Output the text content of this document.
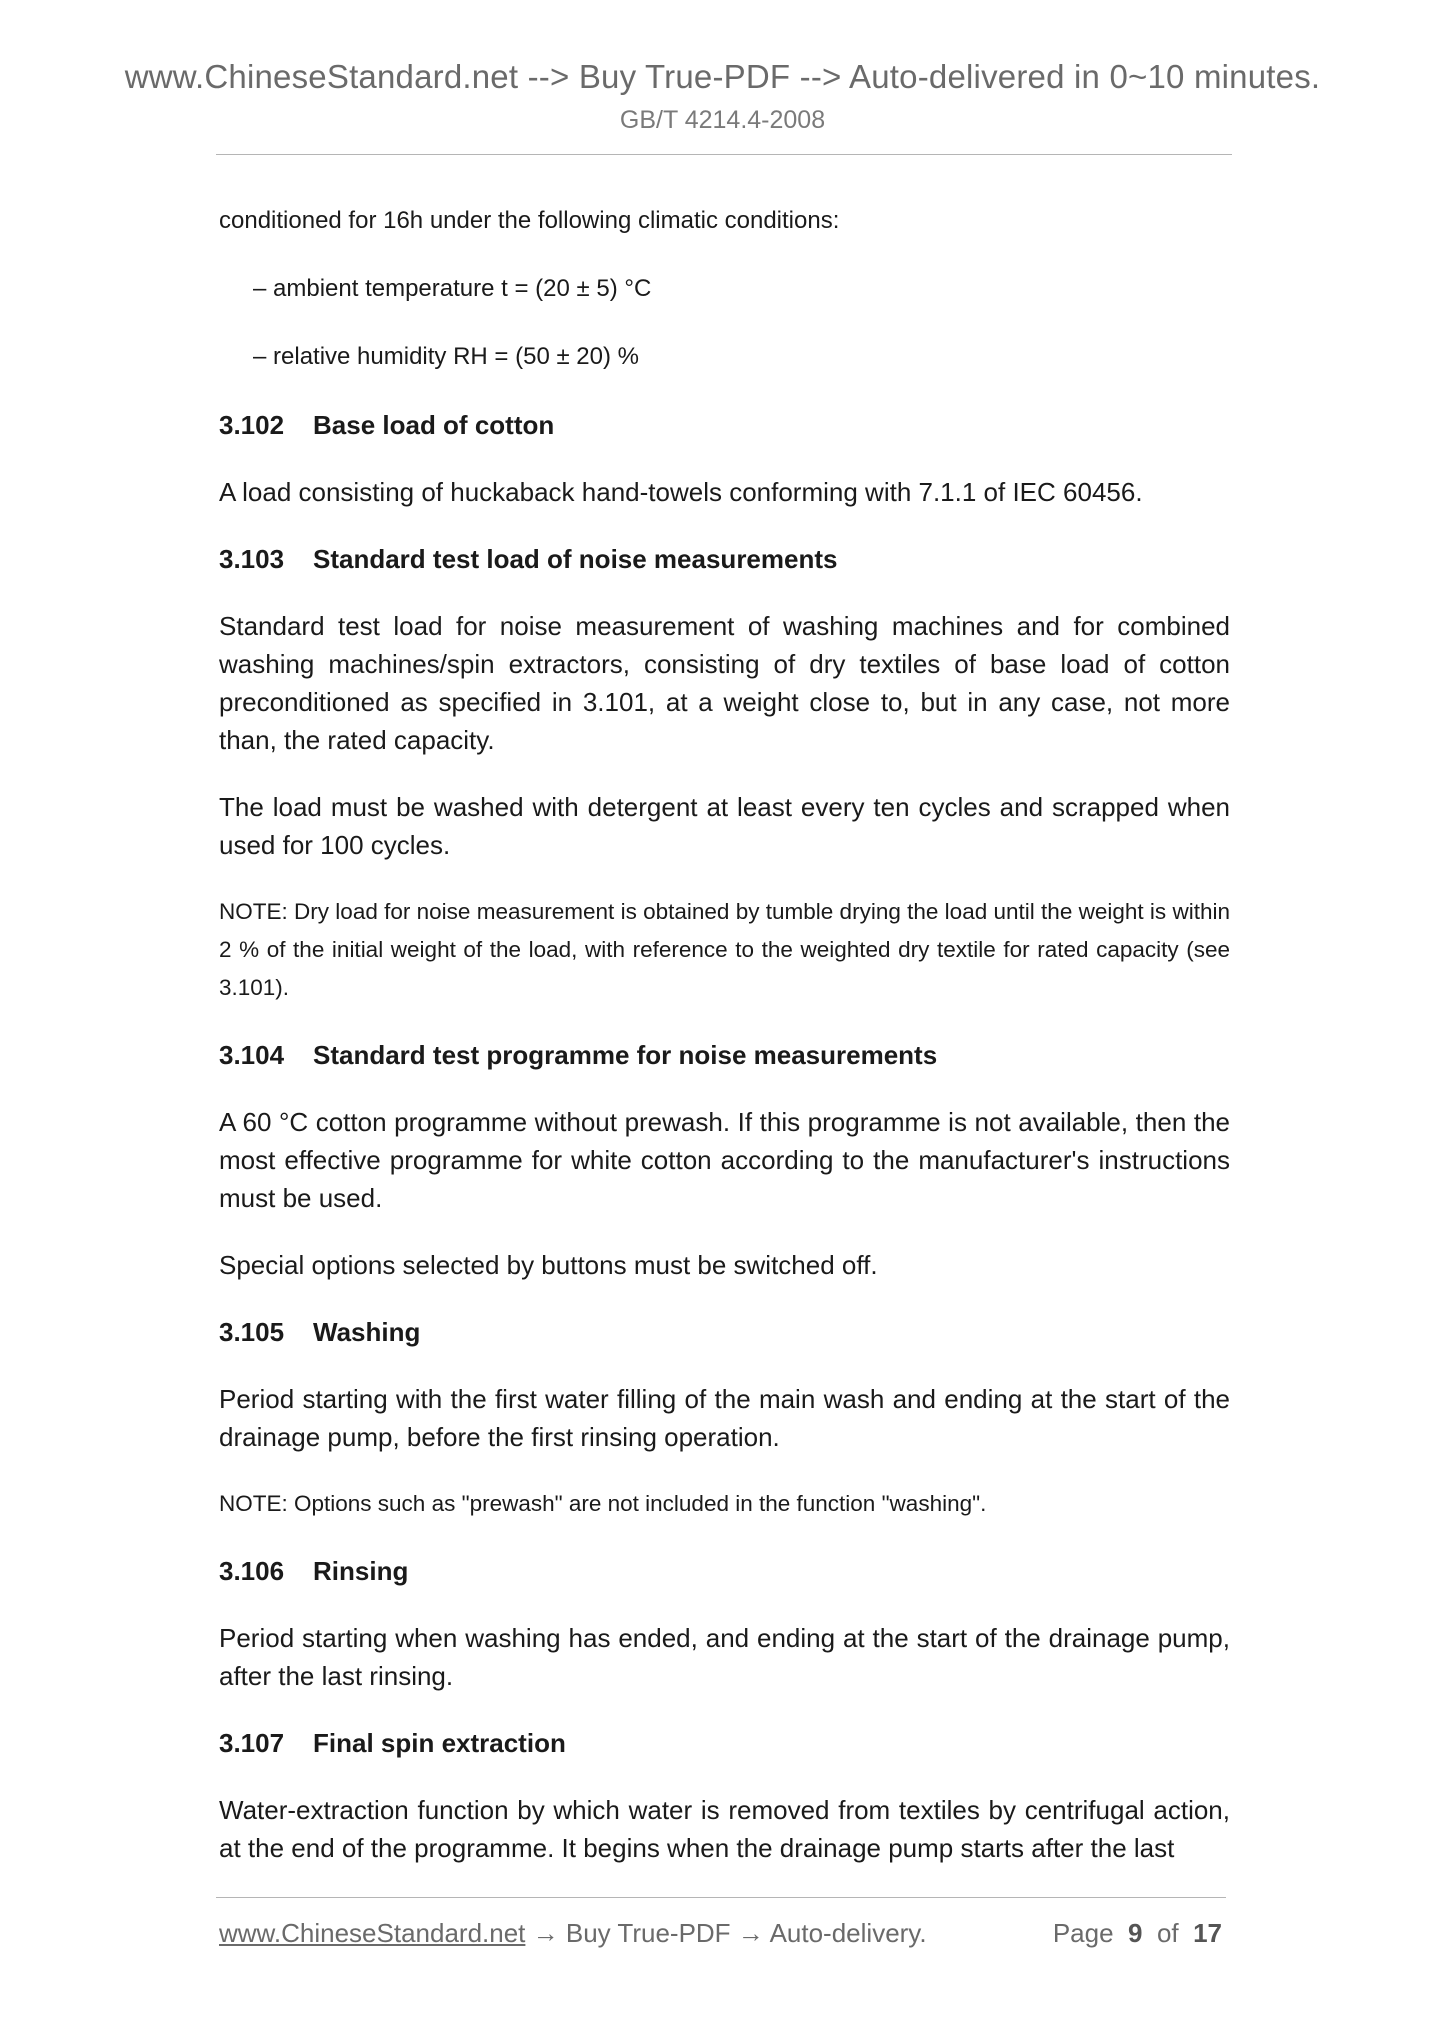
www.ChineseStandard.net --> Buy True-PDF --> Auto-delivered in 0~10 minutes.
GB/T 4214.4-2008

conditioned for 16h under the following climatic conditions:

– ambient temperature t = (20 ± 5) °C

– relative humidity RH = (50 ± 20) %

3.102 Base load of cotton

A load consisting of huckaback hand-towels conforming with 7.1.1 of IEC 60456.

3.103 Standard test load of noise measurements

Standard test load for noise measurement of washing machines and for combined washing machines/spin extractors, consisting of dry textiles of base load of cotton preconditioned as specified in 3.101, at a weight close to, but in any case, not more than, the rated capacity.

The load must be washed with detergent at least every ten cycles and scrapped when used for 100 cycles.

NOTE: Dry load for noise measurement is obtained by tumble drying the load until the weight is within 2 % of the initial weight of the load, with reference to the weighted dry textile for rated capacity (see 3.101).

3.104 Standard test programme for noise measurements

A 60 °C cotton programme without prewash. If this programme is not available, then the most effective programme for white cotton according to the manufacturer's instructions must be used.

Special options selected by buttons must be switched off.

3.105 Washing

Period starting with the first water filling of the main wash and ending at the start of the drainage pump, before the first rinsing operation.

NOTE: Options such as "prewash" are not included in the function "washing".

3.106 Rinsing

Period starting when washing has ended, and ending at the start of the drainage pump, after the last rinsing.

3.107 Final spin extraction

Water-extraction function by which water is removed from textiles by centrifugal action, at the end of the programme. It begins when the drainage pump starts after the last

www.ChineseStandard.net → Buy True-PDF → Auto-delivery.	Page 9 of 17
